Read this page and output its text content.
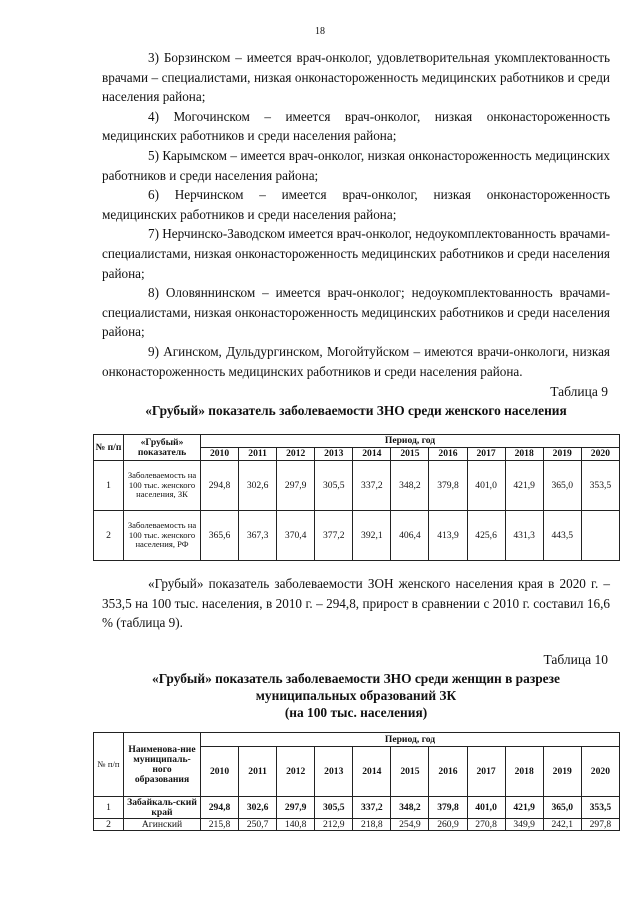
18

3) Борзинском – имеется врач-онколог, удовлетворительная укомплектованность врачами – специалистами, низкая онконастороженность медицинских работников и среди населения района;

4) Могочинском – имеется врач-онколог, низкая онконастороженность медицинских работников и среди населения района;

5) Карымском – имеется врач-онколог, низкая онконастороженность медицинских работников и среди населения района;

6) Нерчинском – имеется врач-онколог, низкая онконастороженность медицинских работников и среди населения района;

7) Нерчинско-Заводском имеется врач-онколог, недоукомплектованность врачами-специалистами, низкая онконастороженность медицинских работников и среди населения района;

8) Оловяннинском – имеется врач-онколог; недоукомплектованность врачами-специалистами, низкая онконастороженность медицинских работников и среди населения района;

9) Агинском, Дульдургинском, Могойтуйском – имеются врачи-онкологи, низкая онконастороженность медицинских работников и среди населения района.

Таблица 9
«Грубый» показатель заболеваемости ЗНО среди женского населения
№ п/п	«Грубый» показатель	Период, год										
		2010	2011	2012	2013	2014	2015	2016	2017	2018	2019	2020
1	Заболеваемость на 100 тыс. женского населения, ЗК	294,8	302,6	297,9	305,5	337,2	348,2	379,8	401,0	421,9	365,0	353,5
2	Заболеваемость на 100 тыс. женского населения, РФ	365,6	367,3	370,4	377,2	392,1	406,4	413,9	425,6	431,3	443,5	

«Грубый» показатель заболеваемости ЗОН женского населения края в 2020 г. – 353,5 на 100 тыс. населения, в 2010 г. – 294,8, прирост в сравнении с 2010 г. составил 16,6 % (таблица 9).

Таблица 10
«Грубый» показатель заболеваемости ЗНО среди женщин в разрезе
муниципальных образований ЗК
(на 100 тыс. населения)
№ п/п	Наименова-ние муниципаль-ного образования	Период, год										
		2010	2011	2012	2013	2014	2015	2016	2017	2018	2019	2020
1	Забайкаль-ский край	294,8	302,6	297,9	305,5	337,2	348,2	379,8	401,0	421,9	365,0	353,5
2	Агинский	215,8	250,7	140,8	212,9	218,8	254,9	260,9	270,8	349,9	242,1	297,8
